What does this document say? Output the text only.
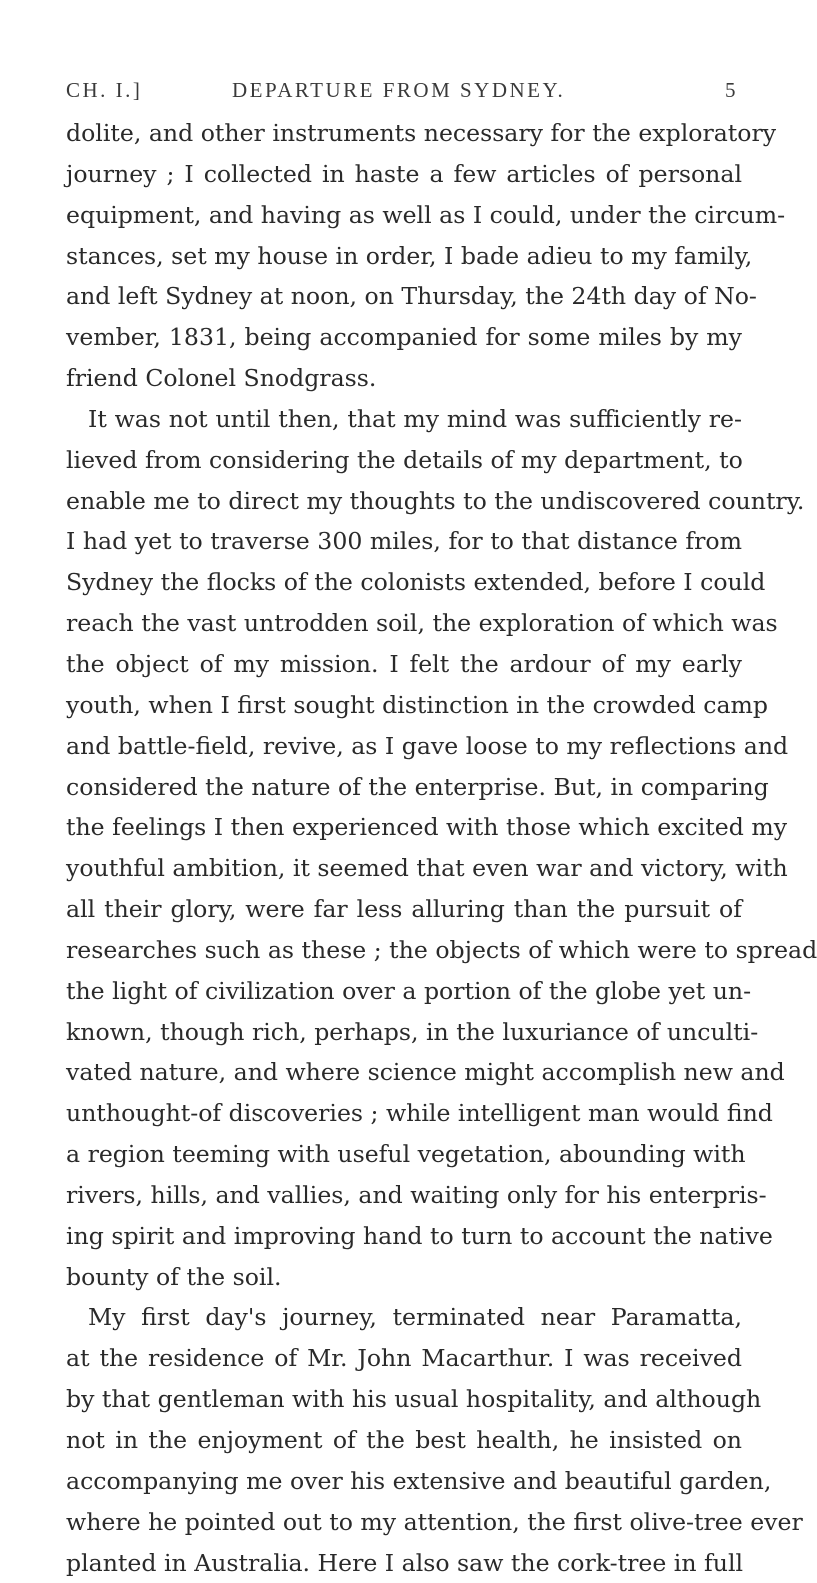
CH. I.]	DEPARTURE FROM SYDNEY.	5
dolite, and other instruments necessary for the exploratory
journey ; I collected in haste a few articles of personal
equipment, and having as well as I could, under the circum-
stances, set my house in order, I bade adieu to my family,
and left Sydney at noon, on Thursday, the 24th day of No-
vember, 1831, being accompanied for some miles by my
friend Colonel Snodgrass.
It was not until then, that my mind was sufficiently re-
lieved from considering the details of my department, to
enable me to direct my thoughts to the undiscovered country.
I had yet to traverse 300 miles, for to that distance from
Sydney the flocks of the colonists extended, before I could
reach the vast untrodden soil, the exploration of which was
the object of my mission. I felt the ardour of my early
youth, when I first sought distinction in the crowded camp
and battle-field, revive, as I gave loose to my reflections and
considered the nature of the enterprise. But, in comparing
the feelings I then experienced with those which excited my
youthful ambition, it seemed that even war and victory, with
all their glory, were far less alluring than the pursuit of
researches such as these ; the objects of which were to spread
the light of civilization over a portion of the globe yet un-
known, though rich, perhaps, in the luxuriance of unculti-
vated nature, and where science might accomplish new and
unthought-of discoveries ; while intelligent man would find
a region teeming with useful vegetation, abounding with
rivers, hills, and vallies, and waiting only for his enterpris-
ing spirit and improving hand to turn to account the native
bounty of the soil.
My first day's journey, terminated near Paramatta,
at the residence of Mr. John Macarthur. I was received
by that gentleman with his usual hospitality, and although
not in the enjoyment of the best health, he insisted on
accompanying me over his extensive and beautiful garden,
where he pointed out to my attention, the first olive-tree ever
planted in Australia. Here I also saw the cork-tree in full
